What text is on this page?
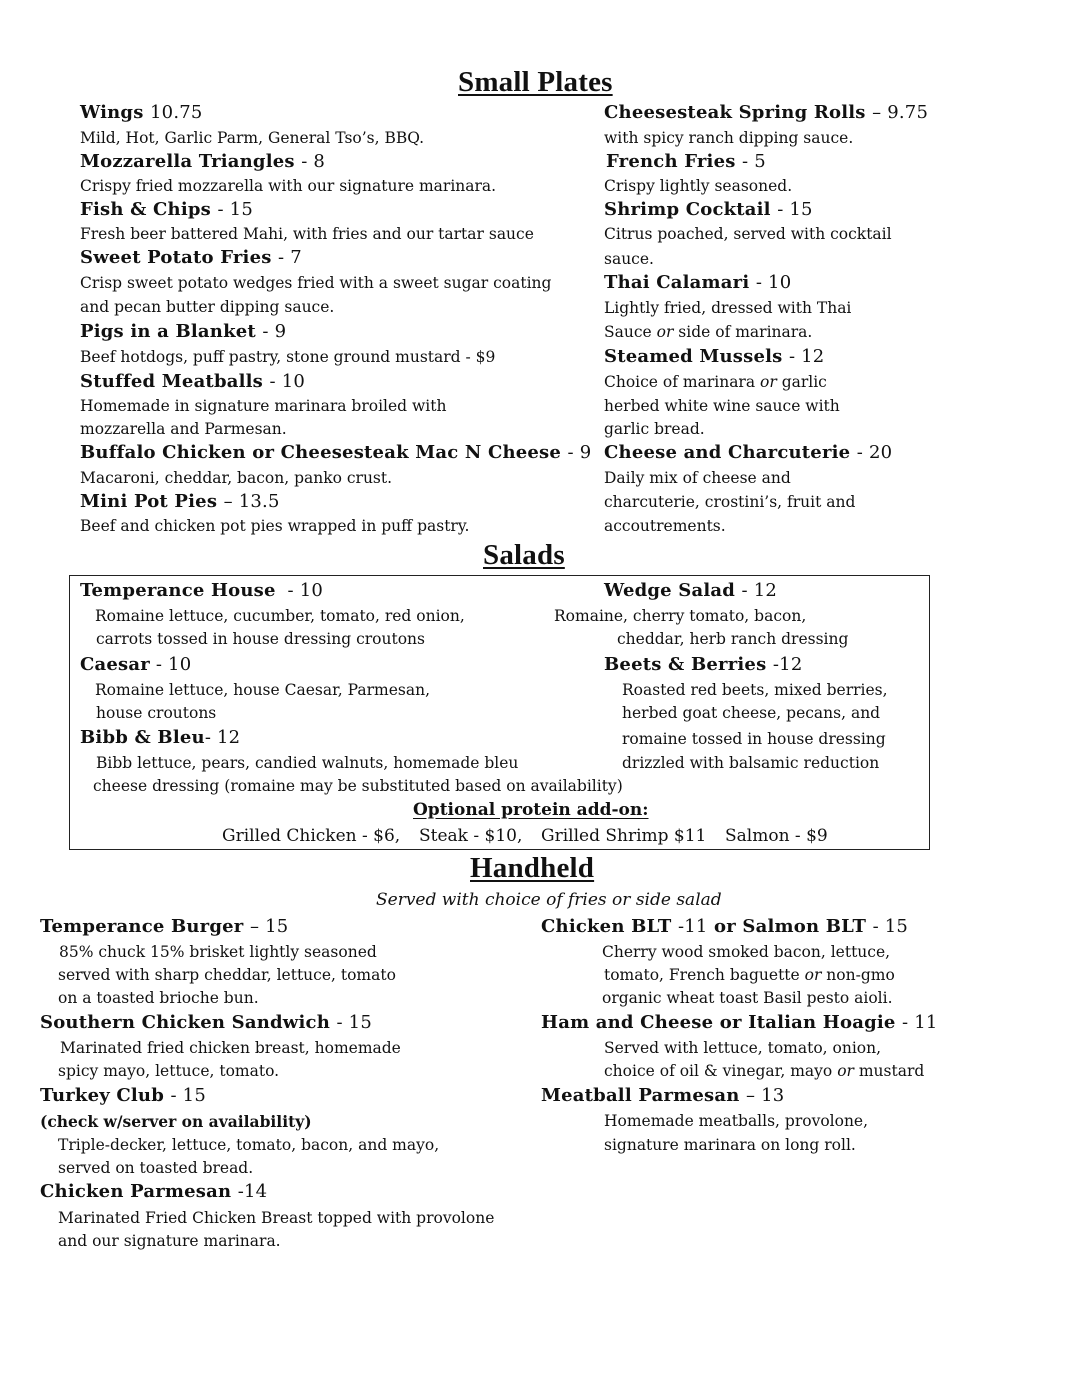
Small Plates
Wings 10.75
Mild, Hot, Garlic Parm, General Tso’s, BBQ.
Mozzarella Triangles - 8
Crispy fried mozzarella with our signature marinara.
Fish & Chips - 15
Fresh beer battered Mahi, with fries and our tartar sauce
Sweet Potato Fries - 7
Crisp sweet potato wedges fried with a sweet sugar coating
and pecan butter dipping sauce.
Pigs in a Blanket - 9
Beef hotdogs, puff pastry, stone ground mustard - $9
Stuffed Meatballs - 10
Homemade in signature marinara broiled with
mozzarella and Parmesan.
Buffalo Chicken or Cheesesteak Mac N Cheese - 9
Macaroni, cheddar, bacon, panko crust.
Mini Pot Pies – 13.5
Beef and chicken pot pies wrapped in puff pastry.
Cheesesteak Spring Rolls – 9.75
with spicy ranch dipping sauce.
French Fries - 5
Crispy lightly seasoned.
Shrimp Cocktail - 15
Citrus poached, served with cocktail
sauce.
Thai Calamari - 10
Lightly fried, dressed with Thai
Sauce or side of marinara.
Steamed Mussels - 12
Choice of marinara or garlic
herbed white wine sauce with
garlic bread.
Cheese and Charcuterie - 20
Daily mix of cheese and
charcuterie, crostini’s, fruit and
accoutrements.
Salads
Temperance House  - 10
Romaine lettuce, cucumber, tomato, red onion,
carrots tossed in house dressing croutons
Caesar - 10
Romaine lettuce, house Caesar, Parmesan,
house croutons
Bibb & Bleu- 12
Bibb lettuce, pears, candied walnuts, homemade bleu
cheese dressing (romaine may be substituted based on availability)
Wedge Salad - 12
Romaine, cherry tomato, bacon,
cheddar, herb ranch dressing
Beets & Berries -12
Roasted red beets, mixed berries,
herbed goat cheese, pecans, and
romaine tossed in house dressing
drizzled with balsamic reduction
Optional protein add-on:
Grilled Chicken - $6, Steak - $10, Grilled Shrimp $11 Salmon - $9
Handheld
Served with choice of fries or side salad
Temperance Burger – 15
85% chuck 15% brisket lightly seasoned
served with sharp cheddar, lettuce, tomato
on a toasted brioche bun.
Southern Chicken Sandwich - 15
Marinated fried chicken breast, homemade
spicy mayo, lettuce, tomato.
Turkey Club - 15
(check w/server on availability)
Triple-decker, lettuce, tomato, bacon, and mayo,
served on toasted bread.
Chicken Parmesan -14
Marinated Fried Chicken Breast topped with provolone
and our signature marinara.
Chicken BLT -11 or Salmon BLT - 15
Cherry wood smoked bacon, lettuce,
tomato, French baguette or non-gmo
organic wheat toast Basil pesto aioli.
Ham and Cheese or Italian Hoagie - 11
Served with lettuce, tomato, onion,
choice of oil & vinegar, mayo or mustard
Meatball Parmesan – 13
Homemade meatballs, provolone,
signature marinara on long roll.
